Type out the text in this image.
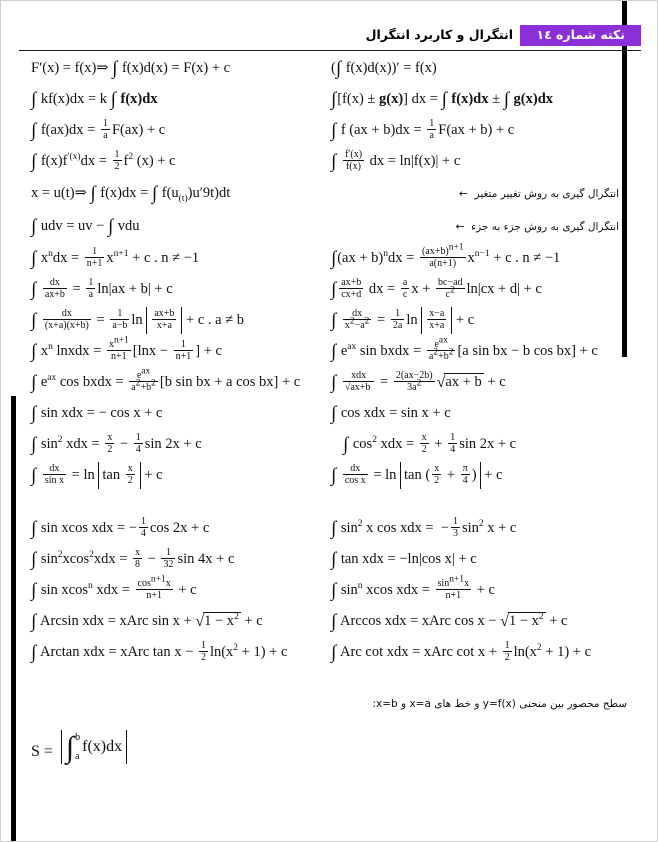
نکته شماره ١٤
انتگرال و کاربرد انتگرال
F′(x) = f(x)⇒ ∫ f(x)d(x) = F(x) + c	(∫ f(x)d(x))′ = f(x)
∫ kf(x)dx = k ∫ f(x)dx	∫[f(x) ± g(x)] dx = ∫ f(x)dx ± ∫ g(x)dx
∫ $f(ax)dx = \frac{1}{a} F(ax) + c$	∫ f $(ax + b)dx = \frac{1}{a} F(ax + b) + c$
∫ $f(x)f^{'(x)}dx = \frac{1}{2} f^2$ (x) + c	∫ $\frac{f'(x)}{f(x)}$ dx = ln|f(x)| + c
x = u(t)⇒ ∫ f(x)dx = ∫ $f(u_{(t)})u'9t)dt$	انتگرال گیری به روش تغییر متغیر  ←
∫ udv = uv − ∫ vdu	انتگرال گیری به روش جزء به جزء  ←
∫ $x^ndx = \frac{1}{n+1} x^{n+1} + c$ . n ≠ −1	$\int(ax + b)^ndx = \frac{(ax+b)^{n+1}}{a(n+1)} x^{n-1} + c$ . n ≠ −1
∫ $\frac{dx}{ax+b} = \frac{1}{a} \ln|ax + b| + c$	∫ $\frac{ax+b}{cx+d}$ dx = $\frac{a}{c}$ $x + \frac{bc-ad}{c^2} \ln|cx + d| + c$
∫ $\frac{dx}{(x+a)(x+b)} = \frac{1}{a-b}$ $\ln \frac{ax+b}{x+a} + c$ . a ≠ b	∫ $\frac{dx}{x^2-a^2} = \frac{1}{2a}$ $\ln \frac{x-a}{x+a} + c$
∫ $x^n$ lnxdx = $\frac{x^{n+1}}{n+1} [\ln x - \frac{1}{n+1}$ ] + c	∫ $e^{ax}$ sin bxdx = $\frac{e^{ax}}{a^2+b^2} [a$ sin bx − b cos bx] + c
∫ $e^{ax}$ cos bxdx = $\frac{e^{ax}}{a^2+b^2} [b$ sin bx + a cos bx] + c	∫ $\frac{\text{xdx}}{√ax+b} = \frac{2(ax-2b)}{3a^2} √ax + b + c$
∫ sin xdx = − cos x + c	∫ cos xdx = sin x + c
∫ $\sin^2$ xdx = $\frac{x}{2} - \frac{1}{4}$ sin 2x + c	∫ $\cos^2$ xdx = $\frac{x}{2} + \frac{1}{4}$ sin 2x + c
∫ $\frac{dx}{\text{sin x}} = \ln \tan \frac{x}{2} + c$	∫ $\frac{dx}{\text{cos x}} = \ln \tan$ ( $\frac{x}{2} + \frac{\pi}{4}$ ) + c
∫ sin xcos xdx = − $\frac{1}{4}$ cos 2x + c	∫ $\sin^2 x$ cos xdx =  − $\frac{1}{3} \sin^2 x + c$
∫ $\sin^2xcos^2xdx = \frac{x}{8} - \frac{1}{32}$ sin 4x + c	∫ tan xdx = −ln|cos x| + c
∫ sin xcos$^n$ xdx = $\frac{\cos^{n+1}x}{n+1} + c$	∫ $\sin^n xcos$ xdx = $\frac{\sin^{n+1}x}{n+1} + c$
∫ Arcsin xdx = xArc $\sin x + √1 - x^2 + c$	∫ Arccos xdx = xArc $\cos x - √1 - x^2 + c$
∫ Arctan xdx = xArc $\tan x - \frac{1}{2} \ln(x^2 + 1) + c$	∫ Arc cot xdx = xArc $\cot x + \frac{1}{2} \ln(x^2 + 1) + c$
سطح محصور بین منحنی y=f(x) و خط های x=a و x=b:
S = ∫ b
a
f(x)dx
